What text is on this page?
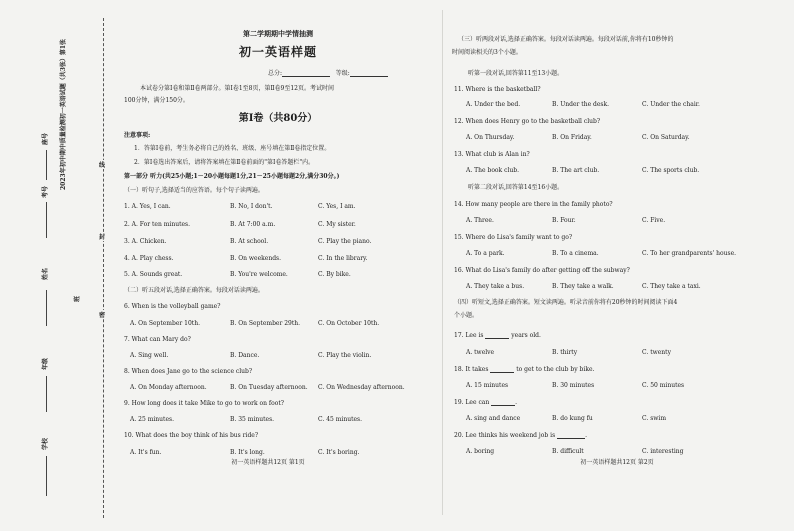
2023年初中期中质量检测初一英语试题（共3张）第1张
座号
考号
姓名
年级
学校
班
线
封
密
第二学期期中学情抽测
初一英语样题
总分:	等级:
本试卷分第Ⅰ卷和第Ⅱ卷两部分。第Ⅰ卷1至8页，第Ⅱ卷9至12页。考试时间
100分钟，满分150分。
第Ⅰ卷（共80分）
注意事项:
1．答第Ⅰ卷前，考生务必将自己的姓名、班级、座号填在第Ⅱ卷指定位置。
2．第Ⅰ卷选出答案后，请将答案填在第Ⅱ卷前面的"第Ⅰ卷答题栏"内。
第一部分 听力(共25小题;1－20小题每题1分,21－25小题每题2分,满分30分。)
（一）听句子,选择适当的应答语。每个句子读两遍。
1. A. Yes, I can.	B. No, I don't.	C. Yes, I am.
2. A. For ten minutes.	B. At 7:00 a.m.	C. My sister.
3. A. Chicken.	B. At school.	C. Play the piano.
4. A. Play chess.	B. On weekends.	C. In the library.
5. A. Sounds great.	B. You're welcome.	C. By bike.
（二）听五段对话,选择正确答案。每段对话读两遍。
6. When is the volleyball game?
A. On September 10th.	B. On September 29th.	C. On October 10th.
7. What can Mary do?
A. Sing well.	B. Dance.	C. Play the violin.
8. When does Jane go to the science club?
A. On Monday afternoon.	B. On Tuesday afternoon. C. On Wednesday afternoon.
9. How long does it take Mike to go to work on foot?
A. 25 minutes.	B. 35 minutes.	C. 45 minutes.
10. What does the boy think of his bus ride?
A. It's fun.	B. It's long.	C. It's boring.
初一英语样题共12页 第1页
（三）听两段对话,选择正确答案。每段对话读两遍。每段对话前,你将有10秒钟的
时间阅读相关的3个小题。
听第一段对话,回答第11至13小题。
11. Where is the basketball?
A. Under the bed.	B. Under the desk.	C. Under the chair.
12. When does Henry go to the basketball club?
A. On Thursday.	B. On Friday.	C. On Saturday.
13. What club is Alan in?
A. The book club.	B. The art club.	C. The sports club.
听第二段对话,回答第14至16小题。
14. How many people are there in the family photo?
A. Three.	B. Four.	C. Five.
15. Where do Lisa's family want to go?
A. To a park.	B. To a cinema.	C. To her grandparents' house.
16. What do Lisa's family do after getting off the subway?
A. They take a bus.	B. They take a walk.	C. They take a taxi.
（四）听短文,选择正确答案。短文读两遍。听录音前你将有20秒钟的时间阅读下面4
个小题。
17. Lee is	years old.
A. twelve	B. thirty	C. twenty
18. It takes	to get to the club by bike.
A. 15 minutes	B. 30 minutes	C. 50 minutes
19. Lee can	.
A. sing and dance	B. do kung fu	C. swim
20. Lee thinks his weekend job is	.
A. boring	B. difficult	C. interesting
初一英语样题共12页 第2页
